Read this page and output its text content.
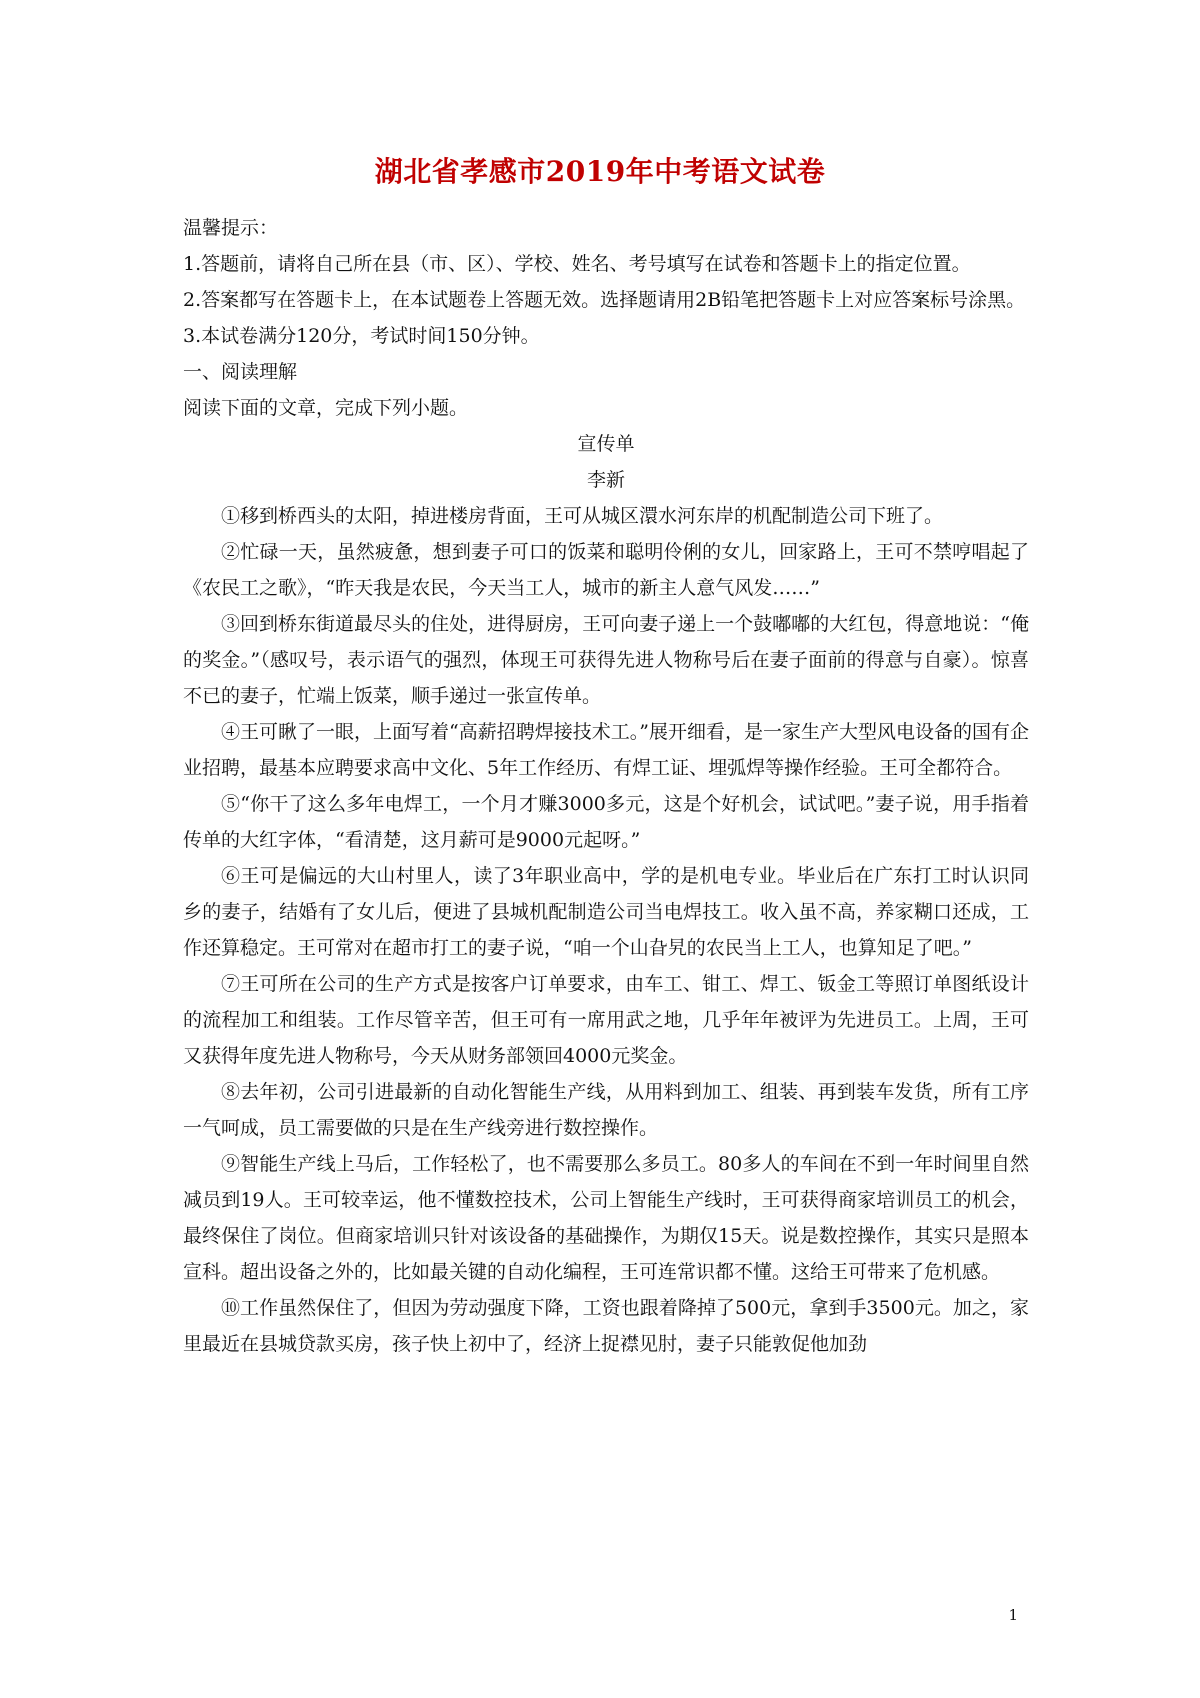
湖北省孝感市2019年中考语文试卷

温馨提示：

1.答题前，请将自己所在县（市、区）、学校、姓名、考号填写在试卷和答题卡上的指定位置。

2.答案都写在答题卡上，在本试题卷上答题无效。选择题请用2B铅笔把答题卡上对应答案标号涂黑。

3.本试卷满分120分，考试时间150分钟。

一、阅读理解

阅读下面的文章，完成下列小题。

宣传单

李新

①移到桥西头的太阳，掉进楼房背面，王可从城区澴水河东岸的机配制造公司下班了。

②忙碌一天，虽然疲惫，想到妻子可口的饭菜和聪明伶俐的女儿，回家路上，王可不禁哼唱起了《农民工之歌》，“昨天我是农民，今天当工人，城市的新主人意气风发……”

③回到桥东街道最尽头的住处，进得厨房，王可向妻子递上一个鼓嘟嘟的大红包，得意地说：“俺的奖金。”（感叹号，表示语气的强烈，体现王可获得先进人物称号后在妻子面前的得意与自豪）。惊喜不已的妻子，忙端上饭菜，顺手递过一张宣传单。

④王可瞅了一眼，上面写着“高薪招聘焊接技术工。”展开细看，是一家生产大型风电设备的国有企业招聘，最基本应聘要求高中文化、5年工作经历、有焊工证、埋弧焊等操作经验。王可全都符合。

⑤“你干了这么多年电焊工，一个月才赚3000多元，这是个好机会，试试吧。”妻子说，用手指着传单的大红字体，“看清楚，这月薪可是9000元起呀。”

⑥王可是偏远的大山村里人，读了3年职业高中，学的是机电专业。毕业后在广东打工时认识同乡的妻子，结婚有了女儿后，便进了县城机配制造公司当电焊技工。收入虽不高，养家糊口还成，工作还算稳定。王可常对在超市打工的妻子说，“咱一个山旮旯的农民当上工人，也算知足了吧。”

⑦王可所在公司的生产方式是按客户订单要求，由车工、钳工、焊工、钣金工等照订单图纸设计的流程加工和组装。工作尽管辛苦，但王可有一席用武之地，几乎年年被评为先进员工。上周，王可又获得年度先进人物称号，今天从财务部领回4000元奖金。

⑧去年初，公司引进最新的自动化智能生产线，从用料到加工、组装、再到装车发货，所有工序一气呵成，员工需要做的只是在生产线旁进行数控操作。

⑨智能生产线上马后，工作轻松了，也不需要那么多员工。80多人的车间在不到一年时间里自然减员到19人。王可较幸运，他不懂数控技术，公司上智能生产线时，王可获得商家培训员工的机会，最终保住了岗位。但商家培训只针对该设备的基础操作，为期仅15天。说是数控操作，其实只是照本宣科。超出设备之外的，比如最关键的自动化编程，王可连常识都不懂。这给王可带来了危机感。

⑩工作虽然保住了，但因为劳动强度下降，工资也跟着降掉了500元，拿到手3500元。加之，家里最近在县城贷款买房，孩子快上初中了，经济上捉襟见肘，妻子只能敦促他加劲

1
